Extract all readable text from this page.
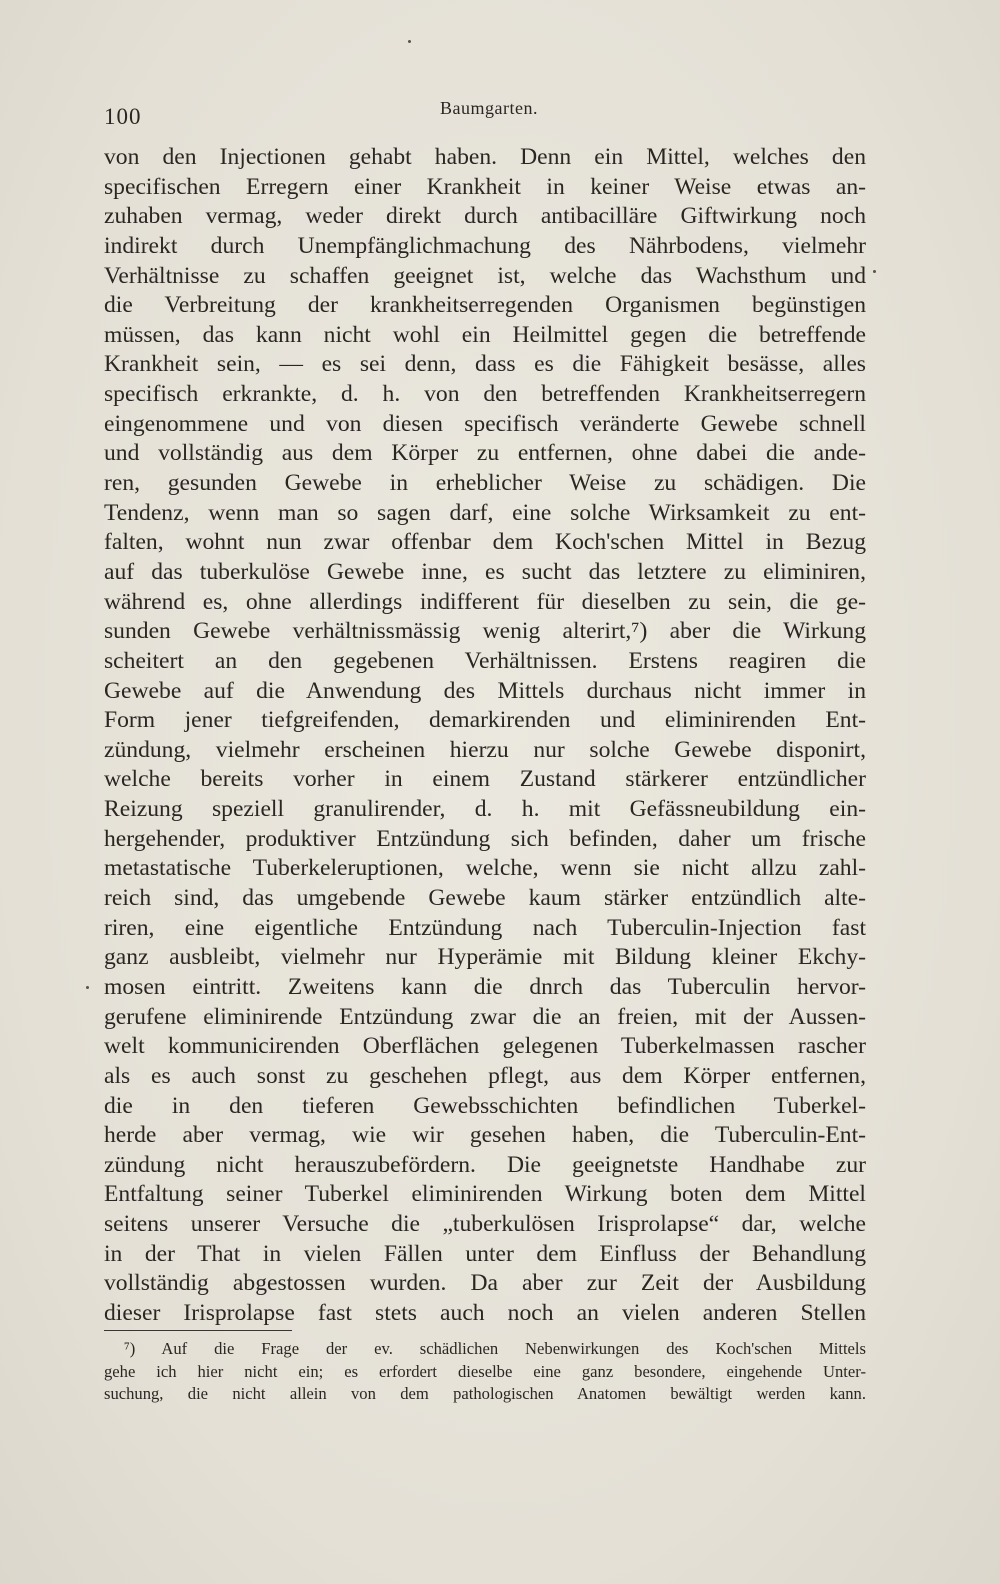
100	Baumgarten.
von den Injectionen gehabt haben. Denn ein Mittel, welches den
specifischen Erregern einer Krankheit in keiner Weise etwas an-
zuhaben vermag, weder direkt durch antibacilläre Giftwirkung noch
indirekt durch Unempfänglichmachung des Nährbodens, vielmehr
Verhältnisse zu schaffen geeignet ist, welche das Wachsthum und
die Verbreitung der krankheitserregenden Organismen begünstigen
müssen, das kann nicht wohl ein Heilmittel gegen die betreffende
Krankheit sein, — es sei denn, dass es die Fähigkeit besässe, alles
specifisch erkrankte, d. h. von den betreffenden Krankheitserregern
eingenommene und von diesen specifisch veränderte Gewebe schnell
und vollständig aus dem Körper zu entfernen, ohne dabei die ande-
ren, gesunden Gewebe in erheblicher Weise zu schädigen. Die
Tendenz, wenn man so sagen darf, eine solche Wirksamkeit zu ent-
falten, wohnt nun zwar offenbar dem Koch'schen Mittel in Bezug
auf das tuberkulöse Gewebe inne, es sucht das letztere zu eliminiren,
während es, ohne allerdings indifferent für dieselben zu sein, die ge-
sunden Gewebe verhältnissmässig wenig alterirt,⁷) aber die Wirkung
scheitert an den gegebenen Verhältnissen. Erstens reagiren die
Gewebe auf die Anwendung des Mittels durchaus nicht immer in
Form jener tiefgreifenden, demarkirenden und eliminirenden Ent-
zündung, vielmehr erscheinen hierzu nur solche Gewebe disponirt,
welche bereits vorher in einem Zustand stärkerer entzündlicher
Reizung speziell granulirender, d. h. mit Gefässneubildung ein-
hergehender, produktiver Entzündung sich befinden, daher um frische
metastatische Tuberkeleruptionen, welche, wenn sie nicht allzu zahl-
reich sind, das umgebende Gewebe kaum stärker entzündlich alte-
riren, eine eigentliche Entzündung nach Tuberculin-Injection fast
ganz ausbleibt, vielmehr nur Hyperämie mit Bildung kleiner Ekchy-
mosen eintritt. Zweitens kann die dnrch das Tuberculin hervor-
gerufene eliminirende Entzündung zwar die an freien, mit der Aussen-
welt kommunicirenden Oberflächen gelegenen Tuberkelmassen rascher
als es auch sonst zu geschehen pflegt, aus dem Körper entfernen,
die in den tieferen Gewebsschichten befindlichen Tuberkel-
herde aber vermag, wie wir gesehen haben, die Tuberculin-Ent-
zündung nicht herauszubefördern. Die geeignetste Handhabe zur
Entfaltung seiner Tuberkel eliminirenden Wirkung boten dem Mittel
seitens unserer Versuche die „tuberkulösen Irisprolapse“ dar, welche
in der That in vielen Fällen unter dem Einfluss der Behandlung
vollständig abgestossen wurden. Da aber zur Zeit der Ausbildung
dieser Irisprolapse fast stets auch noch an vielen anderen Stellen
⁷) Auf die Frage der ev. schädlichen Nebenwirkungen des Koch'schen Mittels
gehe ich hier nicht ein; es erfordert dieselbe eine ganz besondere, eingehende Unter-
suchung, die nicht allein von dem pathologischen Anatomen bewältigt werden kann.
